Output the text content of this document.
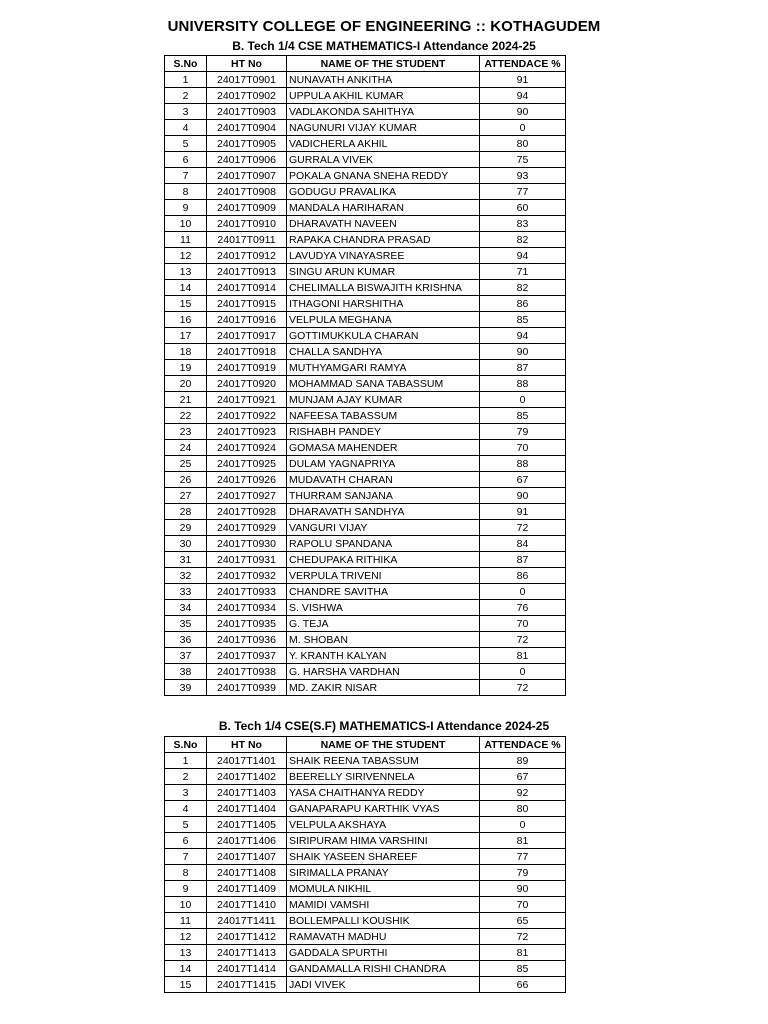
UNIVERSITY COLLEGE OF ENGINEERING :: KOTHAGUDEM
B. Tech 1/4 CSE MATHEMATICS-I Attendance 2024-25
S.No	HT No	NAME OF THE STUDENT	ATTENDACE %
1	24017T0901	NUNAVATH ANKITHA	91
2	24017T0902	UPPULA AKHIL KUMAR	94
3	24017T0903	VADLAKONDA SAHITHYA	90
4	24017T0904	NAGUNURI VIJAY KUMAR	0
5	24017T0905	VADICHERLA AKHIL	80
6	24017T0906	GURRALA VIVEK	75
7	24017T0907	POKALA GNANA SNEHA REDDY	93
8	24017T0908	GODUGU PRAVALIKA	77
9	24017T0909	MANDALA HARIHARAN	60
10	24017T0910	DHARAVATH NAVEEN	83
11	24017T0911	RAPAKA CHANDRA PRASAD	82
12	24017T0912	LAVUDYA VINAYASREE	94
13	24017T0913	SINGU ARUN KUMAR	71
14	24017T0914	CHELIMALLA BISWAJITH KRISHNA	82
15	24017T0915	ITHAGONI HARSHITHA	86
16	24017T0916	VELPULA MEGHANA	85
17	24017T0917	GOTTIMUKKULA CHARAN	94
18	24017T0918	CHALLA SANDHYA	90
19	24017T0919	MUTHYAMGARI RAMYA	87
20	24017T0920	MOHAMMAD SANA TABASSUM	88
21	24017T0921	MUNJAM AJAY KUMAR	0
22	24017T0922	NAFEESA TABASSUM	85
23	24017T0923	RISHABH PANDEY	79
24	24017T0924	GOMASA MAHENDER	70
25	24017T0925	DULAM YAGNAPRIYA	88
26	24017T0926	MUDAVATH CHARAN	67
27	24017T0927	THURRAM SANJANA	90
28	24017T0928	DHARAVATH SANDHYA	91
29	24017T0929	VANGURI VIJAY	72
30	24017T0930	RAPOLU SPANDANA	84
31	24017T0931	CHEDUPAKA RITHIKA	87
32	24017T0932	VERPULA TRIVENI	86
33	24017T0933	CHANDRE SAVITHA	0
34	24017T0934	S. VISHWA	76
35	24017T0935	G. TEJA	70
36	24017T0936	M. SHOBAN	72
37	24017T0937	Y. KRANTH KALYAN	81
38	24017T0938	G. HARSHA VARDHAN	0
39	24017T0939	MD. ZAKIR NISAR	72
B. Tech 1/4 CSE(S.F) MATHEMATICS-I Attendance 2024-25
S.No	HT No	NAME OF THE STUDENT	ATTENDACE %
1	24017T1401	SHAIK REENA TABASSUM	89
2	24017T1402	BEERELLY SIRIVENNELA	67
3	24017T1403	YASA CHAITHANYA REDDY	92
4	24017T1404	GANAPARAPU KARTHIK VYAS	80
5	24017T1405	VELPULA AKSHAYA	0
6	24017T1406	SIRIPURAM HIMA VARSHINI	81
7	24017T1407	SHAIK YASEEN SHAREEF	77
8	24017T1408	SIRIMALLA PRANAY	79
9	24017T1409	MOMULA NIKHIL	90
10	24017T1410	MAMIDI VAMSHI	70
11	24017T1411	BOLLEMPALLI KOUSHIK	65
12	24017T1412	RAMAVATH MADHU	72
13	24017T1413	GADDALA SPURTHI	81
14	24017T1414	GANDAMALLA RISHI CHANDRA	85
15	24017T1415	JADI VIVEK	66
